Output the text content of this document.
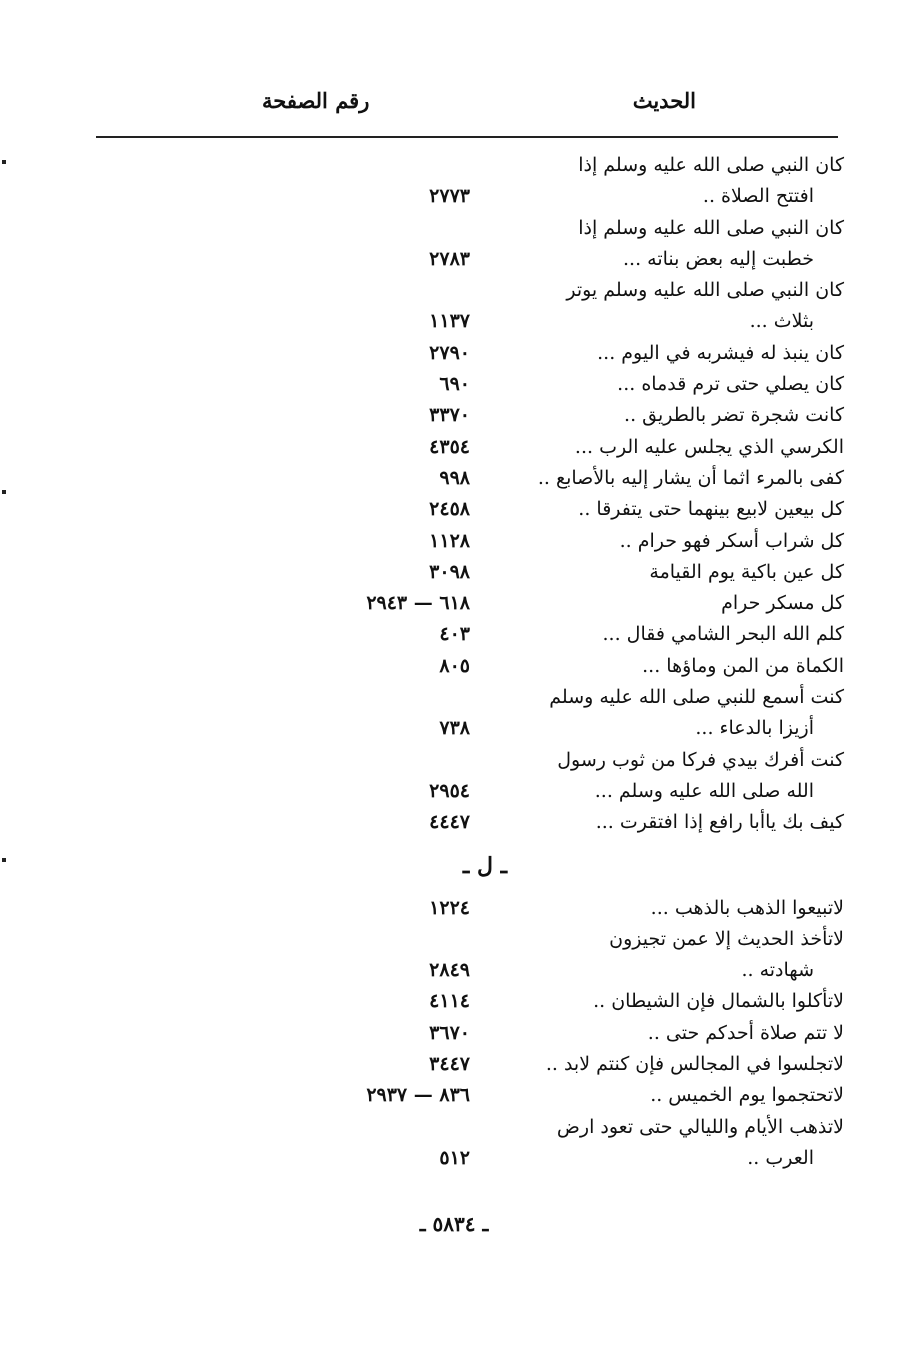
الحديث
رقم الصفحة
كان النبي صلى الله عليه وسلم إذا
افتتح الصلاة ..
٢٧٧٣
كان النبي صلى الله عليه وسلم إذا
خطبت إليه بعض بناته ...
٢٧٨٣
كان النبي صلى الله عليه وسلم يوتر
بثلاث ...
١١٣٧
كان ينبذ له فيشربه في اليوم ...
٢٧٩٠
كان يصلي حتى ترم قدماه ...
٦٩٠
كانت شجرة تضر بالطريق ..
٣٣٧٠
الكرسي الذي يجلس عليه الرب ...
٤٣٥٤
كفى بالمرء اثما أن يشار إليه بالأصابع ..
٩٩٨
كل بيعين لابيع بينهما حتى يتفرقا ..
٢٤٥٨
كل شراب أسكر فهو حرام ..
١١٢٨
كل عين باكية يوم القيامة
٣٠٩٨
كل مسكر حرام
٦١٨ — ٢٩٤٣
كلم الله البحر الشامي فقال ...
٤٠٣
الكماة من المن وماؤها ...
٨٠٥
كنت أسمع للنبي صلى الله عليه وسلم
أزيزا بالدعاء ...
٧٣٨
كنت أفرك بيدي فركا من ثوب رسول
الله صلى الله عليه وسلم ...
٢٩٥٤
كيف بك ياأبا رافع إذا افتقرت ...
٤٤٤٧
ـ ل ـ
لاتبيعوا الذهب بالذهب ...
١٢٢٤
لاتأخذ الحديث إلا عمن تجيزون
شهادته ..
٢٨٤٩
لاتأكلوا بالشمال فإن الشيطان ..
٤١١٤
لا تتم صلاة أحدكم حتى ..
٣٦٧٠
لاتجلسوا في المجالس فإن كنتم لابد ..
٣٤٤٧
لاتحتجموا يوم الخميس ..
٨٣٦ — ٢٩٣٧
لاتذهب الأيام والليالي حتى تعود ارض
العرب ..
٥١٢
ـ ٥٨٣٤ ـ
